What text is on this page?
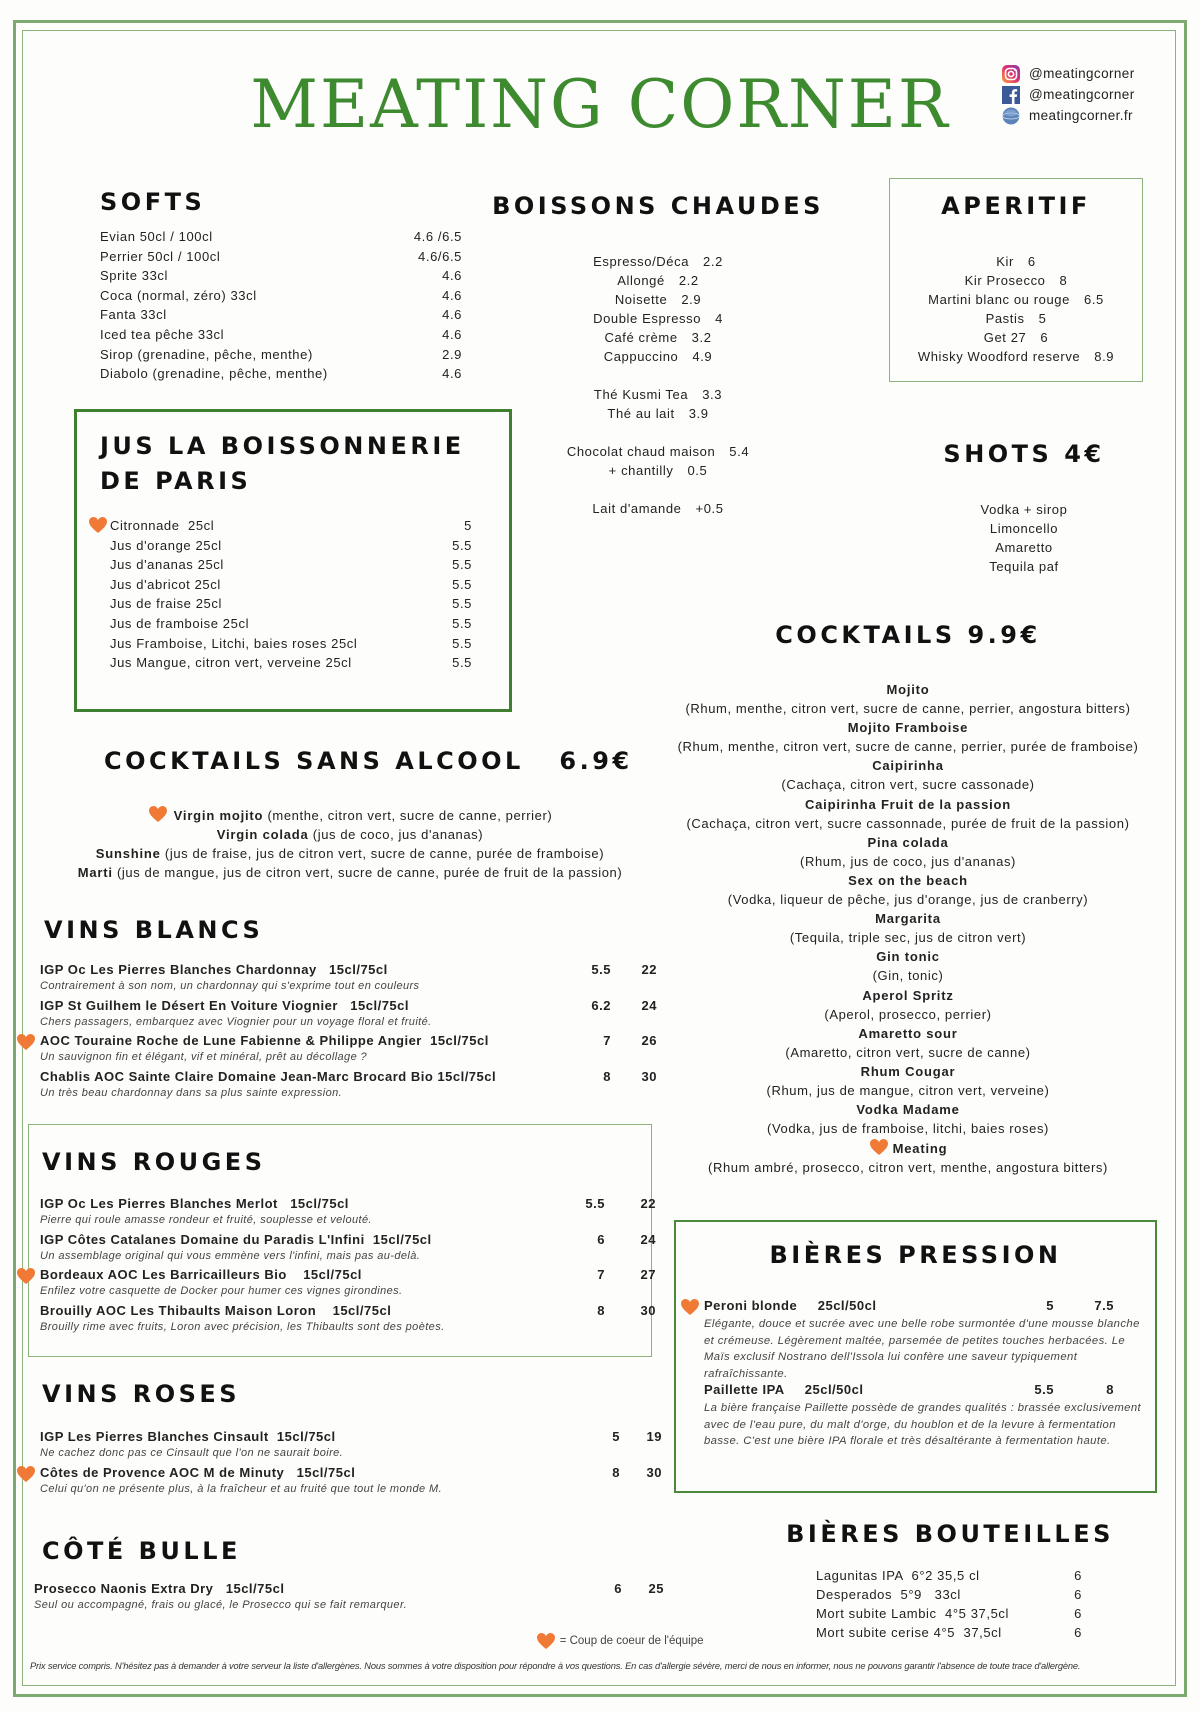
MEATING CORNER	@meatingcorner
@meatingcorner
meatingcorner.fr
SOFTS	BOISSONS CHAUDES	APERITIF
JUS LA BOISSONNERIE
DE PARIS
SHOTS 4€
COCKTAILS 9.9€
COCKTAILS SANS ALCOOL   6.9€
VINS BLANCS
VINS ROUGES
VINS ROSES
CÔTÉ BULLE
BIÈRES PRESSION
BIÈRES BOUTEILLES
Evian 50cl / 100cl	4.6 /6.5
Perrier 50cl / 100cl	4.6/6.5
Sprite 33cl	4.6
Coca (normal, zéro) 33cl	4.6
Fanta 33cl	4.6
Iced tea pêche 33cl	4.6
Sirop (grenadine, pêche, menthe)	2.9
Diabolo (grenadine, pêche, menthe)	4.6
Espresso/Déca 2.2
Allongé 2.2
Noisette 2.9
Double Espresso 4
Café crème 3.2
Cappuccino 4.9
Thé Kusmi Tea 3.3
Thé au lait 3.9
Chocolat chaud maison 5.4
+ chantilly 0.5
Lait d'amande +0.5
Kir 6
Kir Prosecco 8
Martini blanc ou rouge 6.5
Pastis 5
Get 27 6
Whisky Woodford reserve 8.9
Citronnade  25cl	5
Jus d'orange 25cl	5.5
Jus d'ananas 25cl	5.5
Jus d'abricot 25cl	5.5
Jus de fraise 25cl	5.5
Jus de framboise 25cl	5.5
Jus Framboise, Litchi, baies roses 25cl	5.5
Jus Mangue, citron vert, verveine 25cl	5.5
Vodka + sirop
Limoncello
Amaretto
Tequila paf
Mojito
(Rhum, menthe, citron vert, sucre de canne, perrier, angostura bitters)
Mojito Framboise
(Rhum, menthe, citron vert, sucre de canne, perrier, purée de framboise)
Caipirinha
(Cachaça, citron vert, sucre cassonade)
Caipirinha Fruit de la passion
(Cachaça, citron vert, sucre cassonnade, purée de fruit de la passion)
Pina colada
(Rhum, jus de coco, jus d'ananas)
Sex on the beach
(Vodka, liqueur de pêche, jus d'orange, jus de cranberry)
Margarita
(Tequila, triple sec, jus de citron vert)
Gin tonic
(Gin, tonic)
Aperol Spritz
(Aperol, prosecco, perrier)
Amaretto sour
(Amaretto, citron vert, sucre de canne)
Rhum Cougar
(Rhum, jus de mangue, citron vert, verveine)
Vodka Madame
(Vodka, jus de framboise, litchi, baies roses)
Meating
(Rhum ambré, prosecco, citron vert, menthe, angostura bitters)
Virgin mojito (menthe, citron vert, sucre de canne, perrier)
Virgin colada (jus de coco, jus d'ananas)
Sunshine (jus de fraise, jus de citron vert, sucre de canne, purée de framboise)
Marti (jus de mangue, jus de citron vert, sucre de canne, purée de fruit de la passion)
IGP Oc Les Pierres Blanches Chardonnay   15cl/75cl	5.5	22
Contrairement à son nom, un chardonnay qui s'exprime tout en couleurs
IGP St Guilhem le Désert En Voiture Viognier   15cl/75cl	6.2	24
Chers passagers, embarquez avec Viognier pour un voyage floral et fruité.
AOC Touraine Roche de Lune Fabienne & Philippe Angier  15cl/75cl	7	26
Un sauvignon fin et élégant, vif et minéral, prêt au décollage ?
Chablis AOC Sainte Claire Domaine Jean-Marc Brocard Bio 15cl/75cl	8	30
Un très beau chardonnay dans sa plus sainte expression.
IGP Oc Les Pierres Blanches Merlot   15cl/75cl	5.5	22
Pierre qui roule amasse rondeur et fruité, souplesse et velouté.
IGP Côtes Catalanes Domaine du Paradis L'Infini  15cl/75cl	6	24
Un assemblage original qui vous emmène vers l'infini, mais pas au-delà.
Bordeaux AOC Les Barricailleurs Bio    15cl/75cl	7	27
Enfilez votre casquette de Docker pour humer ces vignes girondines.
Brouilly AOC Les Thibaults Maison Loron    15cl/75cl	8	30
Brouilly rime avec fruits, Loron avec précision, les Thibaults sont des poètes.
IGP Les Pierres Blanches Cinsault  15cl/75cl	5	19
Ne cachez donc pas ce Cinsault que l'on ne saurait boire.
Côtes de Provence AOC M de Minuty   15cl/75cl	8	30
Celui qu'on ne présente plus, à la fraîcheur et au fruité que tout le monde M.
Prosecco Naonis Extra Dry   15cl/75cl	6	25
Seul ou accompagné, frais ou glacé, le Prosecco qui se fait remarquer.
Peroni blonde     25cl/50cl	5	7.5
Elégante, douce et sucrée avec une belle robe surmontée d'une mousse blanche et crémeuse. Légèrement maltée, parsemée de petites touches herbacées. Le Maïs exclusif Nostrano dell'Issola lui confère une saveur typiquement rafraîchissante.
Paillette IPA     25cl/50cl	5.5	8
La bière française Paillette possède de grandes qualités : brassée exclusivement avec de l'eau pure, du malt d'orge, du houblon et de la levure à fermentation basse. C'est une bière IPA florale et très désaltérante à fermentation haute.
Lagunitas IPA  6°2 35,5 cl	6
Desperados  5°9   33cl	6
Mort subite Lambic  4°5 37,5cl	6
Mort subite cerise 4°5  37,5cl	6
= Coup de coeur de l'équipe
Prix service compris. N'hésitez pas à demander à votre serveur la liste d'allergènes. Nous sommes à votre disposition pour répondre à vos questions. En cas d'allergie sévère, merci de nous en informer, nous ne pouvons garantir l'absence de toute trace d'allergène.
